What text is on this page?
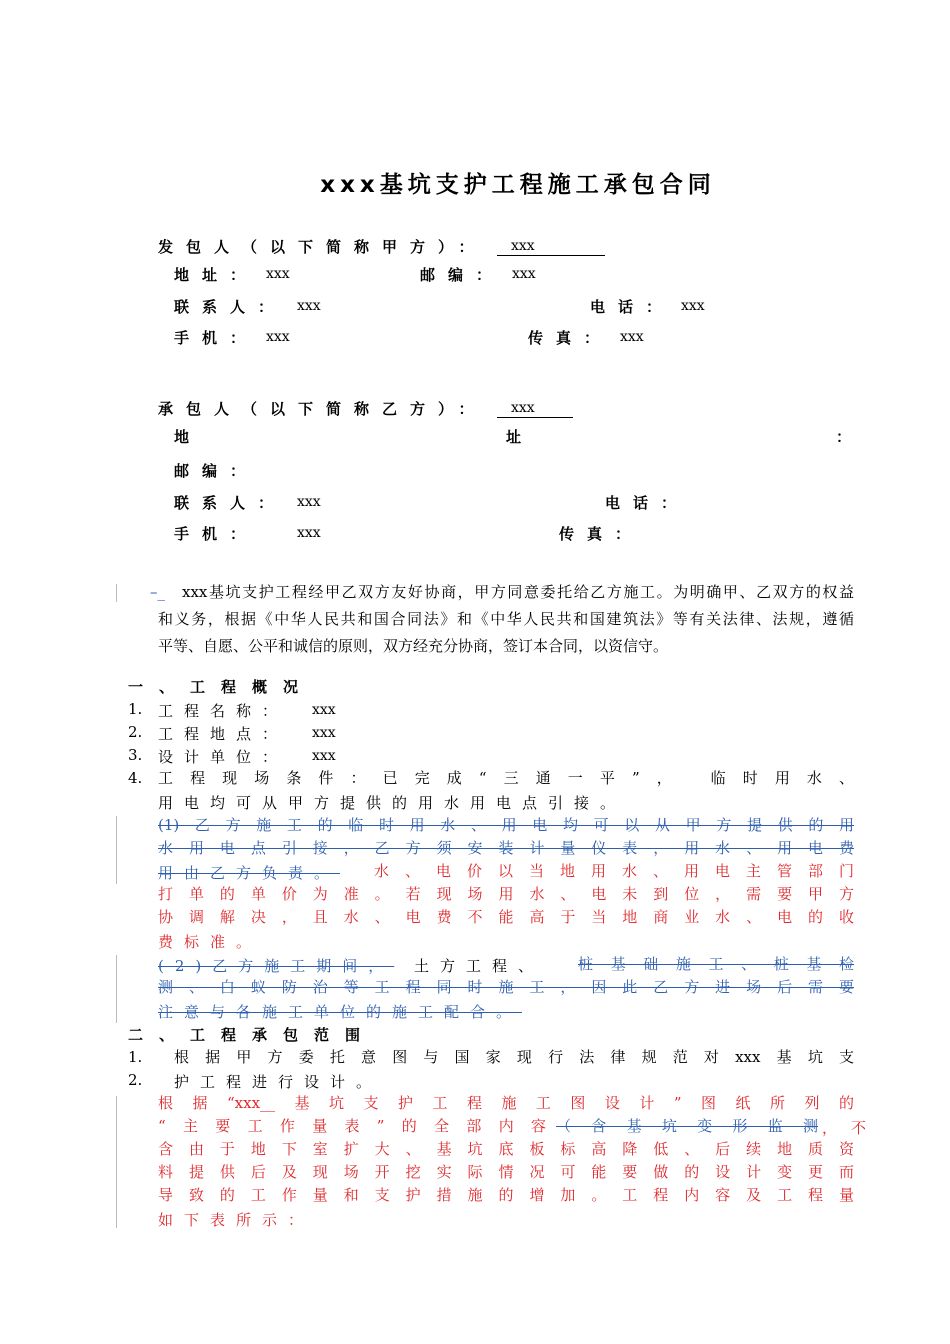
xxx基坑支护工程施工承包合同
发包人（以下简称甲方）：	xxx
地址： xxx	邮编： xxx
联系人： xxx	电话： xxx
手机： xxx	传真： xxx
承包人（以下简称乙方）：	xxx
地	址	：
邮编：
联系人： xxx	电话：
手机：	xxx	传真：
–_ xxx基坑支护工程经甲乙双方友好协商，甲方同意委托给乙方施工。为明确甲、乙双方的权益
和义务，根据《中华人民共和国合同法》和《中华人民共和国建筑法》等有关法律、法规，遵循
平等、自愿、公平和诚信的原则，双方经充分协商，签订本合同，以资信守。
一、工程概况
1. 工程名称： xxx
2. 工程地点： xxx
3. 设计单位： xxx
4. 工程现场条件：已完成“三通一平”， 临时用水、
用电均可从甲方提供的用水用电点引接。
(1)乙方施工的临时用水、用电均可以从甲方提供的用
水用电点引接，乙方须安装计量仪表，用水、用电费
用由乙方负责。 水、电价以当地用水、用电主管部门
打单的单价为准。若现场用水、电未到位，需要甲方
协调解决，且水、电费不能高于当地商业水、电的收
费标准。
(2)乙方施工期间， 土方工程、 桩基础施工、桩基检
测、白蚁防治等工程同时施工，因此乙方进场后需要
注意与各施工单位的施工配合。
二、工程承包范围
1. 根据甲方委托意图与国家现行法律规范对xxx基坑支
2. 护工程进行设计。
根据“xxx__基坑支护工程施工图设计”图纸所列的
“主要工作量表”的全部内容 （含基坑变形监测 ，不
含由于地下室扩大、基坑底板标高降低、后续地质资
料提供后及现场开挖实际情况可能要做的设计变更而
导致的工作量和支护措施的增加。工程内容及工程量
如下表所示：
